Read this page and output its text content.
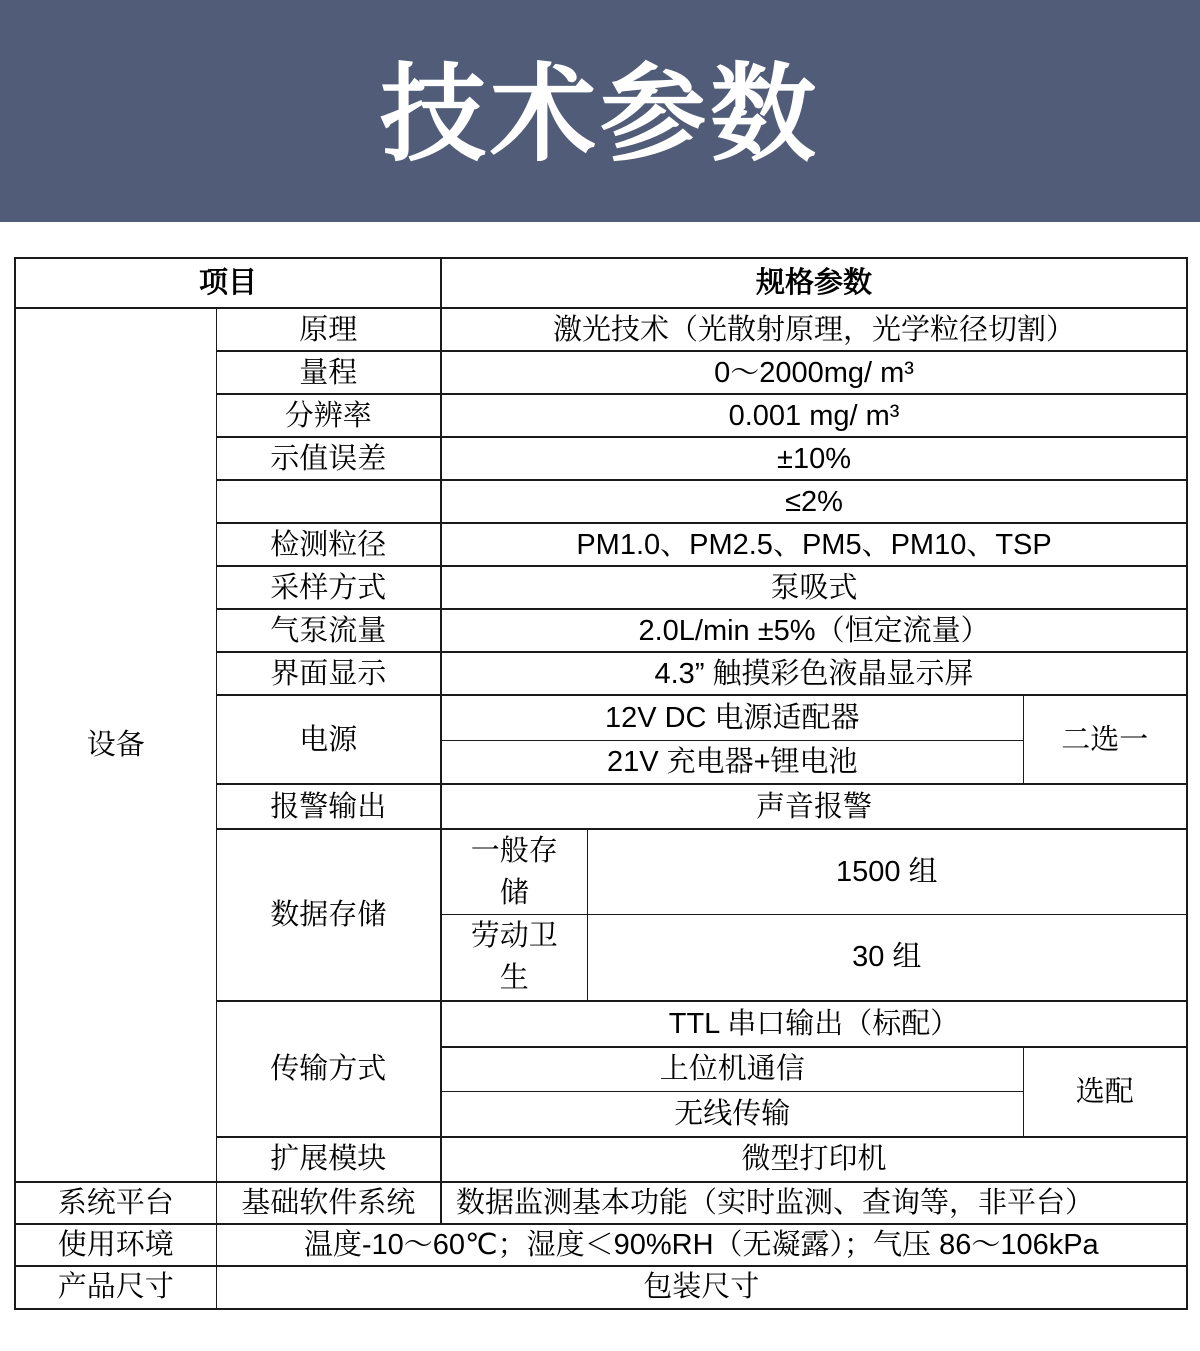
技术参数
项目		规格参数		
设备	原理	激光技术（光散射原理，光学粒径切割）		
	量程	0～2000mg/ m³		
	分辨率	0.001 mg/ m³		
	示值误差	±10%		
		≤2%		
	检测粒径	PM1.0、PM2.5、PM5、PM10、TSP		
	采样方式	泵吸式		
	气泵流量	2.0L/min ±5%（恒定流量）		
	界面显示	4.3” 触摸彩色液晶显示屏		
	电源	12V DC 电源适配器		二选一
		21V 充电器+锂电池		
	报警输出	声音报警		
	数据存储	一般存储	1500 组	
		劳动卫生	30 组	
	传输方式	TTL 串口输出（标配）		
		上位机通信		选配
		无线传输		
	扩展模块	微型打印机		
系统平台	基础软件系统	数据监测基本功能（实时监测、查询等，非平台）		
使用环境	温度-10～60℃；湿度＜90%RH（无凝露）；气压 86～106kPa			
产品尺寸	包装尺寸			
